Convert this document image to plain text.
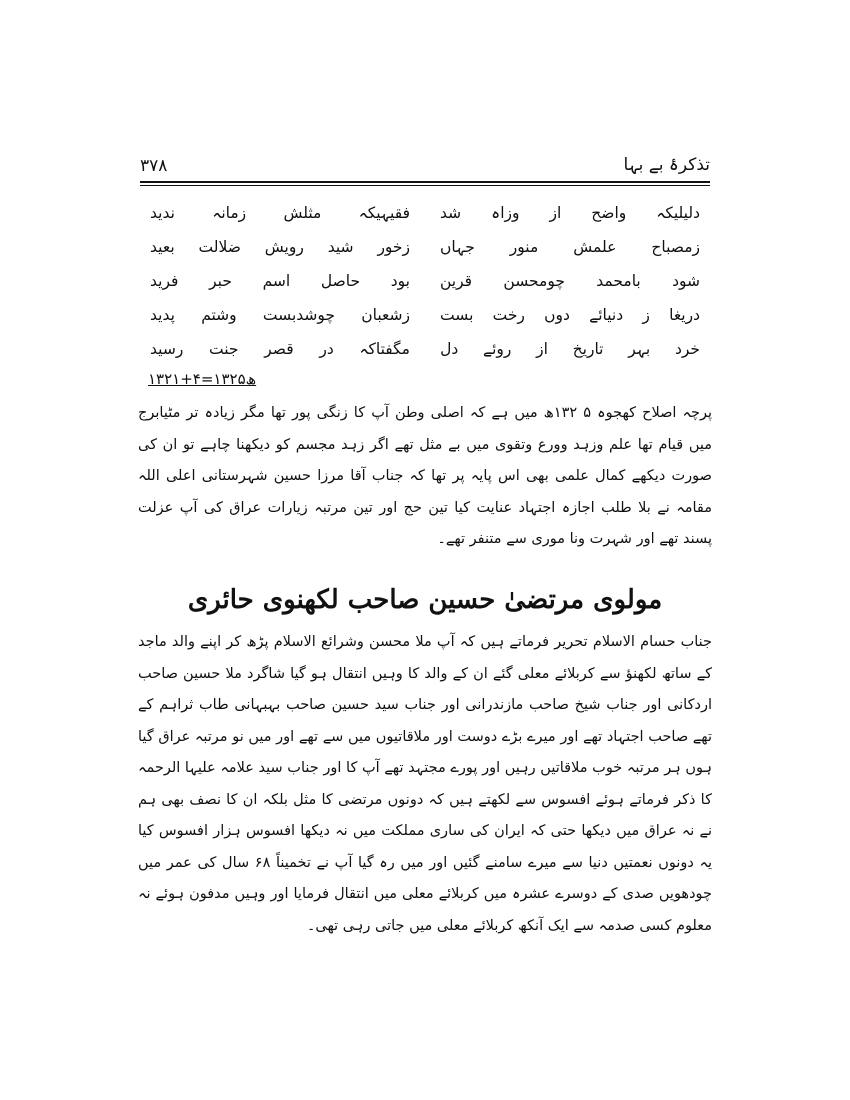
۳۷۸	تذکرۂ بے بہا
دلیلیکہ
واضح
از
وزاہ
شد
فقیہیکہ
مثلش
زمانہ
ندید
زمصباح
علمش
منور
جہاں
زخور
شید
رویش
ضلالت
بعید
شود
بامحمد
چومحسن
قرین
بود
حاصل
اسم
حبر
فرید
دریغا
ز
دنیائے
دوں
رخت
بست
زشعبان
چوشدبست
وشتم
پدید
خرد
بہر
تاریخ
از
روئے
دل
مگفتاکہ
در
قصر
جنت
رسید
۱۳۲۱+۴=۱۳۲۵ھ

پرچہ اصلاح کھجوہ ۵ ۱۳۲ھ میں ہے کہ اصلی وطن آپ کا زنگی پور تھا مگر زیادہ تر مٹیابرج میں قیام تھا علم وزہد وورع وتقوی میں بے مثل تھے اگر زہد مجسم کو دیکھنا چاہے تو ان کی صورت دیکھے کمال علمی بھی اس پایہ پر تھا کہ جناب آقا مرزا حسین شہرستانی اعلی اللہ مقامہ نے بلا طلب اجازہ اجتہاد عنایت کیا تین حج اور تین مرتبہ زیارات عراق کی آپ عزلت پسند تھے اور شہرت ونا موری سے متنفر تھے۔

مولوی مرتضیٰ حسین صاحب لکھنوی حائری

جناب حسام الاسلام تحریر فرماتے ہیں کہ آپ ملا محسن وشرائع الاسلام پڑھ کر اپنے والد ماجد کے ساتھ لکھنؤ سے کربلائے معلی گئے ان کے والد کا وہیں انتقال ہو گیا شاگرد ملا حسین صاحب اردکانی اور جناب شیخ صاحب مازندرانی اور جناب سید حسین صاحب بہبہانی طاب ثراہم کے تھے صاحب اجتہاد تھے اور میرے بڑے دوست اور ملاقاتیوں میں سے تھے اور میں نو مرتبہ عراق گیا ہوں ہر مرتبہ خوب ملاقاتیں رہیں اور پورے مجتہد تھے آپ کا اور جناب سید علامہ علیہا الرحمہ کا ذکر فرماتے ہوئے افسوس سے لکھتے ہیں کہ دونوں مرتضی کا مثل بلکہ ان کا نصف بھی ہم نے نہ عراق میں دیکھا حتی کہ ایران کی ساری مملکت میں نہ دیکھا افسوس ہزار افسوس کیا یہ دونوں نعمتیں دنیا سے میرے سامنے گئیں اور میں رہ گیا آپ نے تخمیناً ۶۸ سال کی عمر میں چودھویں صدی کے دوسرے عشرہ میں کربلائے معلی میں انتقال فرمایا اور وہیں مدفون ہوئے نہ معلوم کسی صدمہ سے ایک آنکھ کربلائے معلی میں جاتی رہی تھی۔
